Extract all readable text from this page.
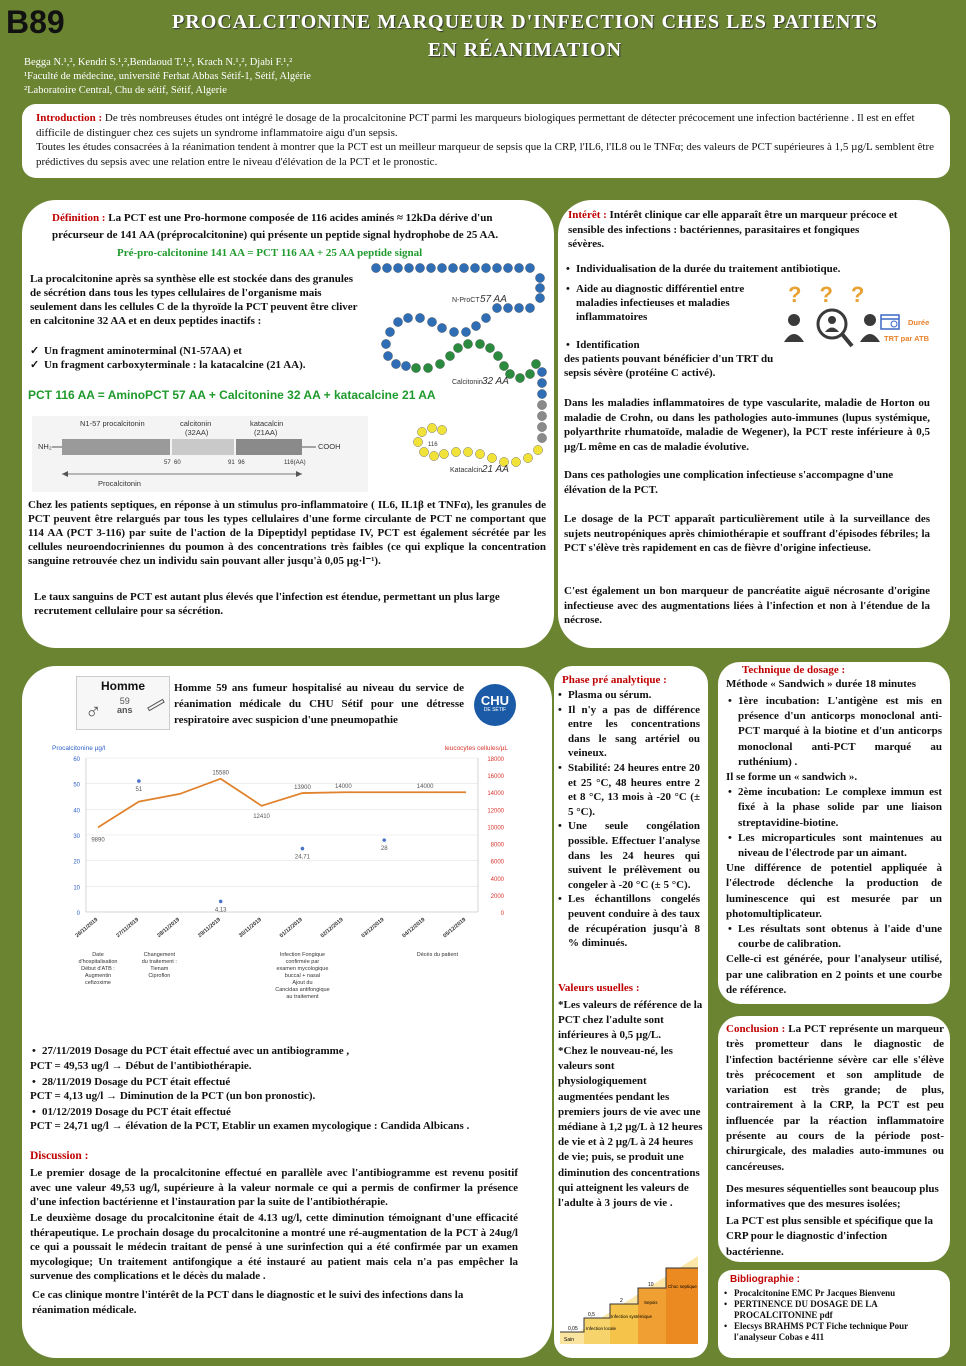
B89	PROCALCITONINE MARQUEUR D'INFECTION CHES LES PATIENTS
EN RÉANIMATION
Begga N.¹,², Kendri S.¹,²,Bendaoud T.¹,², Krach N.¹,², Djabi F.¹,²
¹Faculté de médecine, université Ferhat Abbas Sétif-1, Sétif, Algérie
²Laboratoire Central, Chu de sétif, Sétif, Algerie

Introduction : De très nombreuses études ont intégré le dosage de la procalcitonine PCT parmi les marqueurs biologiques permettant de détecter précocement une infection bactérienne . Il est en effet difficile de distinguer chez ces sujets un syndrome inflammatoire aigu d'un sepsis.

Toutes les études consacrées à la réanimation tendent à montrer que la PCT est un meilleur marqueur de sepsis que la CRP, l'IL6, l'IL8 ou le TNFα; des valeurs de PCT supérieures à 1,5 µg/L semblent être prédictives du sepsis avec une relation entre le niveau d'élévation de la PCT et le pronostic.

Définition : La PCT est une Pro-hormone composée de 116 acides aminés ≈ 12kDa dérive d'un précurseur de 141 AA (préprocalcitonine) qui présente un peptide signal hydrophobe de 25 AA.

Pré-pro-calcitonine 141 AA = PCT 116 AA + 25 AA peptide signal

La procalcitonine après sa synthèse elle est stockée dans des granules de sécrétion dans tous les types cellulaires de l'organisme mais seulement dans les cellules C de la thyroïde la PCT peuvent être cliver en calcitonine 32 AA et en deux peptides inactifs :

✓ Un fragment aminoterminal (N1-57AA) et
✓ Un fragment carboxyterminale : la katacalcine (21 AA).

PCT 116 AA = AminoPCT 57 AA + Calcitonine 32 AA + katacalcine 21 AA

N1-57 procalcitonin	calcitonin
(32AA)
katacalcin
(21AA)
NH₂	COOH
57 60	91 96	116(AA)
Procalcitonin
N-ProCT 57 AA
Calcitonin 32 AA
Katacalcin 21 AA
116

Chez les patients septiques, en réponse à un stimulus pro-inflammatoire ( IL6, IL1β et TNFα), les granules de PCT peuvent être relargués par tous les types cellulaires d'une forme circulante de PCT ne comportant que 114 AA (PCT 3-116) par suite de l'action de la Dipeptidyl peptidase IV, PCT est également sécrétée par les cellules neuroendocriniennes du poumon à des concentrations très faibles (ce qui explique la concentration sanguine retrouvée chez un individu sain pouvant aller jusqu'à 0,05 µg·l⁻¹).

Le taux sanguins de PCT est autant plus élevés que l'infection est étendue, permettant un plus large recrutement cellulaire pour sa sécrétion.

Intérêt : Intérêt clinique car elle apparaît être un marqueur précoce et sensible des infections : bactériennes, parasitaires et fongiques sévères.

• Individualisation de la durée du traitement antibiotique.
• Aide au diagnostic différentiel entre maladies infectieuses et maladies inflammatoires
• Identification

des patients pouvant bénéficier d'un TRT du sepsis sévère (protéine C activé).

???
Durée
TRT par ATB

Dans les maladies inflammatoires de type vascularite, maladie de Horton ou maladie de Crohn, ou dans les pathologies auto-immunes (lupus systémique, polyarthrite rhumatoïde, maladie de Wegener), la PCT reste inférieure à 0,5 µg/L même en cas de maladie évolutive.

Dans ces pathologies une complication infectieuse s'accompagne d'une élévation de la PCT.

Le dosage de la PCT apparaît particulièrement utile à la surveillance des sujets neutropéniques après chimiothérapie et souffrant d'épisodes fébriles; la PCT s'élève très rapidement en cas de fièvre d'origine infectieuse.

C'est également un bon marqueur de pancréatite aiguë nécrosante d'origine infectieuse avec des augmentations liées à l'infection et non à l'étendue de la nécrose.

Homme
♂	59
ans

Homme 59 ans fumeur hospitalisé au niveau du service de réanimation médicale du CHU Sétif pour une détresse respiratoire avec suspicion d'une pneumopathie

CHU
DE SÉTIF
0
10
20
30
40
50
60
0
2000
4000
6000
8000
10000
12000
14000
16000
18000
Procalcitonine µg/l	leucocytes cellules/µL
9890
15580
12410
13900	14000	14000
51
4,13
24,71
28
26/11/2019	27/11/2019	28/11/2019	29/11/2019	30/11/2019	01/12/2019	02/12/2019	03/12/2019	04/12/2019	05/12/2019
Date
d'hospitalisation
Début d'ATB :
Augmentin
cefizoxime
Changement
du traitement :
Tienam
Ciproflon
Infection Fongique
confirmée par
examen mycologique
buccal + nasal
Ajout du
Cancidas antifongique
au traitement
Décès du patient
• 27/11/2019 Dosage du PCT était effectué avec un antibiogramme ,

PCT = 49,53 ug/l → Début de l'antibiothérapie.

• 28/11/2019 Dosage du PCT était effectué

PCT = 4,13 ug/l → Diminution de la PCT (un bon pronostic).

• 01/12/2019 Dosage du PCT était effectué

PCT = 24,71 ug/l → élévation de la PCT, Etablir un examen mycologique : Candida Albicans .

Discussion :

Le premier dosage de la procalcitonine effectué en parallèle avec l'antibiogramme est revenu positif avec une valeur 49,53 ug/l, supérieure à la valeur normale ce qui a permis de confirmer la présence d'une infection bactérienne et l'instauration par la suite de l'antibiothérapie.

Le deuxième dosage du procalcitonine était de 4.13 ug/l, cette diminution témoignant d'une efficacité thérapeutique. Le prochain dosage du procalcitonine a montré une ré-augmentation de la PCT à 24ug/l ce qui a poussait le médecin traitant de pensé à une surinfection qui a été confirmée par un examen mycologique; Un traitement antifongique a été instauré au patient mais cela n'a pas empêcher la survenue des complications et le décès du malade .

Ce cas clinique montre l'intérêt de la PCT dans le diagnostic et le suivi des infections dans la réanimation médicale.

Phase pré analytique :

• Plasma ou sérum.
• Il n'y a pas de différence entre les concentrations dans le sang artériel ou veineux.
• Stabilité: 24 heures entre 20 et 25 °C, 48 heures entre 2 et 8 °C, 13 mois à -20 °C (± 5 °C).
• Une seule congélation possible. Effectuer l'analyse dans les 24 heures qui suivent le prélèvement ou congeler à -20 °C (± 5 °C).
• Les échantillons congelés peuvent conduire à des taux de récupération jusqu'à 8 % diminués.

Valeurs usuelles :

*Les valeurs de référence de la PCT chez l'adulte sont inférieures à 0,5 µg/L.

*Chez le nouveau-né, les valeurs sont physiologiquement augmentées pendant les premiers jours de vie avec une médiane à 1,2 µg/L à 12 heures de vie et à 2 µg/L à 24 heures de vie; puis, se produit une diminution des concentrations qui atteignent les valeurs de l'adulte à 3 jours de vie .

0,05
Sain
0,5
Infection locale
2
Infection systémique
10
Sepsis
Choc septique

Technique de dosage :

Méthode « Sandwich » durée 18 minutes

• 1ère incubation: L'antigène est mis en présence d'un anticorps monoclonal anti-PCT marqué à la biotine et d'un anticorps monoclonal anti-PCT marqué au ruthénium) .

Il se forme un « sandwich ».

• 2ème incubation: Le complexe immun est fixé à la phase solide par une liaison streptavidine-biotine.
• Les microparticules sont maintenues au niveau de l'électrode par un aimant.

Une différence de potentiel appliquée à l'électrode déclenche la production de luminescence qui est mesurée par un photomultiplicateur.

• Les résultats sont obtenus à l'aide d'une courbe de calibration.

Celle-ci est générée, pour l'analyseur utilisé, par une calibration en 2 points et une courbe de référence.

Conclusion : La PCT représente un marqueur très prometteur dans le diagnostic de l'infection bactérienne sévère car elle s'élève très précocement et son amplitude de variation est très grande; de plus, contrairement à la CRP, la PCT est peu influencée par la réaction inflammatoire présente au cours de la période post-chirurgicale, des maladies auto-immunes ou cancéreuses.

Des mesures séquentielles sont beaucoup plus informatives que des mesures isolées;

La PCT est plus sensible et spécifique que la CRP pour le diagnostic d'infection bactérienne.

Bibliographie :

• Procalcitonine EMC Pr Jacques Bienvenu
• PERTINENCE DU DOSAGE DE LA PROCALCITONINE pdf
• Elecsys BRAHMS PCT Fiche technique Pour l'analyseur Cobas e 411
